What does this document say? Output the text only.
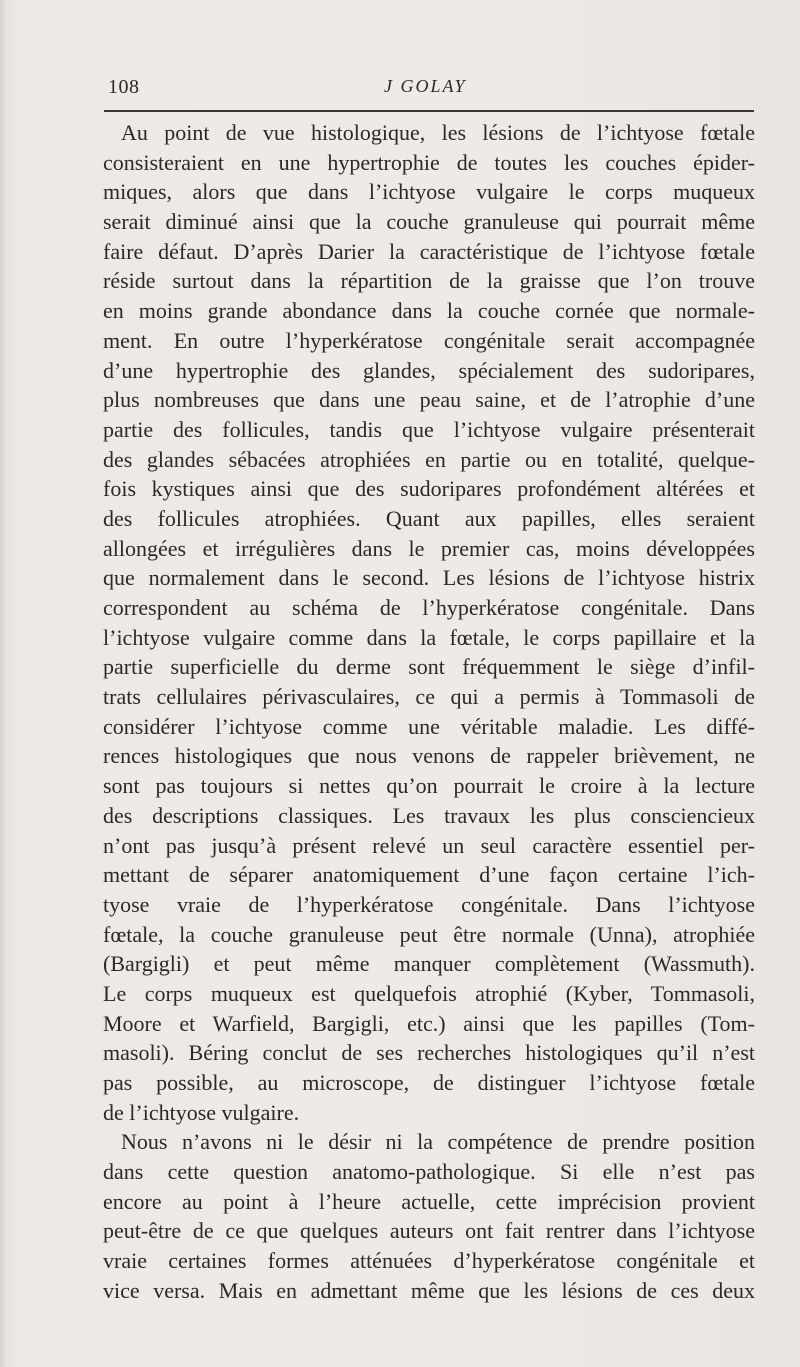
108	J GOLAY
Au point de vue histologique, les lésions de l’ichtyose fœtale
consisteraient en une hypertrophie de toutes les couches épider-
miques, alors que dans l’ichtyose vulgaire le corps muqueux
serait diminué ainsi que la couche granuleuse qui pourrait même
faire défaut. D’après Darier la caractéristique de l’ichtyose fœtale
réside surtout dans la répartition de la graisse que l’on trouve
en moins grande abondance dans la couche cornée que normale-
ment. En outre l’hyperkératose congénitale serait accompagnée
d’une hypertrophie des glandes, spécialement des sudoripares,
plus nombreuses que dans une peau saine, et de l’atrophie d’une
partie des follicules, tandis que l’ichtyose vulgaire présenterait
des glandes sébacées atrophiées en partie ou en totalité, quelque-
fois kystiques ainsi que des sudoripares profondément altérées et
des follicules atrophiées. Quant aux papilles, elles seraient
allongées et irrégulières dans le premier cas, moins développées
que normalement dans le second. Les lésions de l’ichtyose histrix
correspondent au schéma de l’hyperkératose congénitale. Dans
l’ichtyose vulgaire comme dans la fœtale, le corps papillaire et la
partie superficielle du derme sont fréquemment le siège d’infil-
trats cellulaires périvasculaires, ce qui a permis à Tommasoli de
considérer l’ichtyose comme une véritable maladie. Les diffé-
rences histologiques que nous venons de rappeler brièvement, ne
sont pas toujours si nettes qu’on pourrait le croire à la lecture
des descriptions classiques. Les travaux les plus consciencieux
n’ont pas jusqu’à présent relevé un seul caractère essentiel per-
mettant de séparer anatomiquement d’une façon certaine l’ich-
tyose vraie de l’hyperkératose congénitale. Dans l’ichtyose
fœtale, la couche granuleuse peut être normale (Unna), atrophiée
(Bargigli) et peut même manquer complètement (Wassmuth).
Le corps muqueux est quelquefois atrophié (Kyber, Tommasoli,
Moore et Warfield, Bargigli, etc.) ainsi que les papilles (Tom-
masoli). Béring conclut de ses recherches histologiques qu’il n’est
pas possible, au microscope, de distinguer l’ichtyose fœtale
de l’ichtyose vulgaire.
Nous n’avons ni le désir ni la compétence de prendre position
dans cette question anatomo-pathologique. Si elle n’est pas
encore au point à l’heure actuelle, cette imprécision provient
peut-être de ce que quelques auteurs ont fait rentrer dans l’ichtyose
vraie certaines formes atténuées d’hyperkératose congénitale et
vice versa. Mais en admettant même que les lésions de ces deux
